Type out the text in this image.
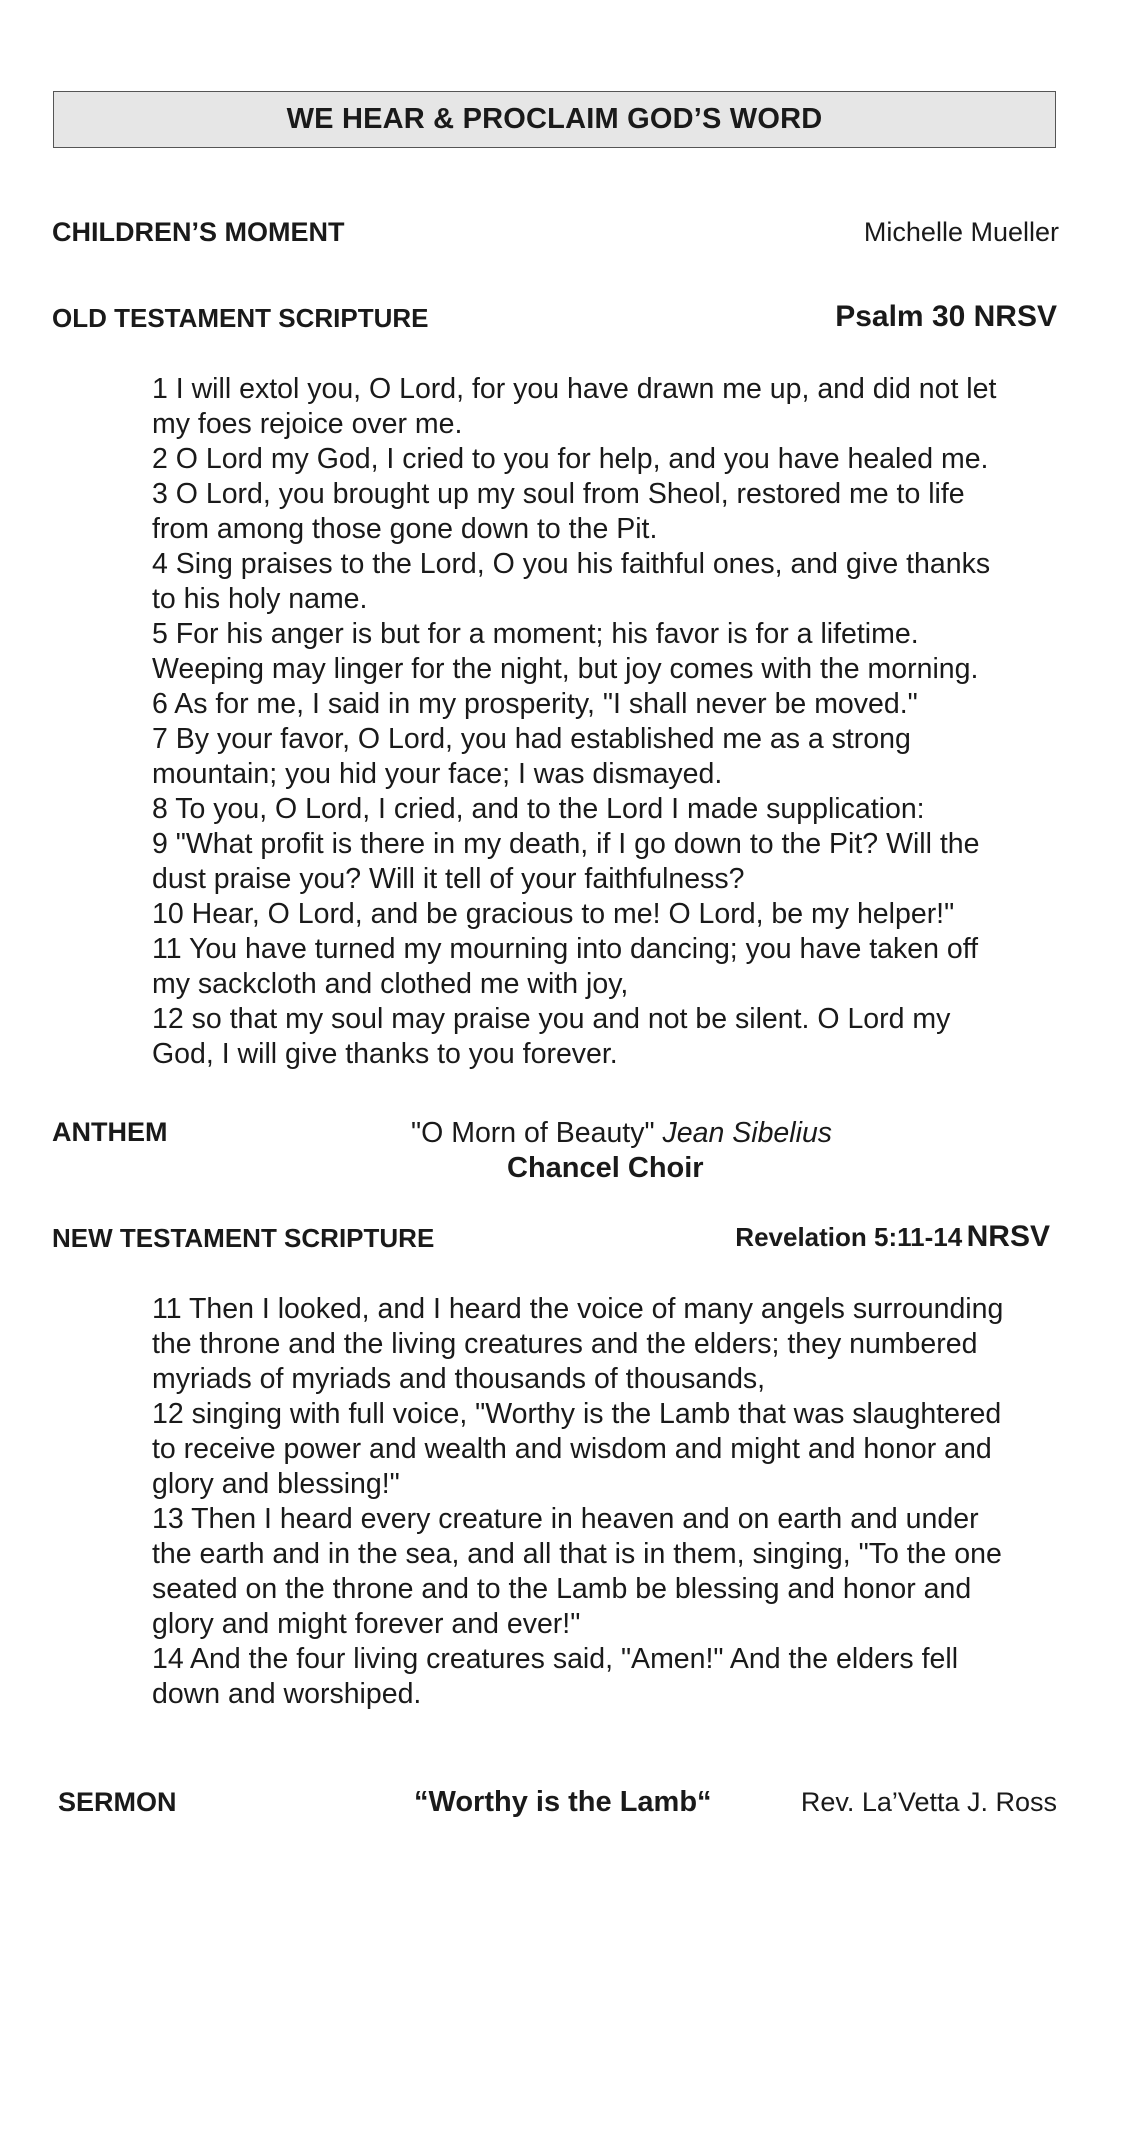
WE HEAR & PROCLAIM GOD’S WORD
CHILDREN’S MOMENT	Michelle Mueller
OLD TESTAMENT SCRIPTURE	Psalm 30 NRSV
1 I will extol you, O Lord, for you have drawn me up, and did not let
my foes rejoice over me.
2 O Lord my God, I cried to you for help, and you have healed me.
3 O Lord, you brought up my soul from Sheol, restored me to life
from among those gone down to the Pit.
4 Sing praises to the Lord, O you his faithful ones, and give thanks
to his holy name.
5 For his anger is but for a moment; his favor is for a lifetime.
Weeping may linger for the night, but joy comes with the morning.
6 As for me, I said in my prosperity, "I shall never be moved."
7 By your favor, O Lord, you had established me as a strong
mountain; you hid your face; I was dismayed.
8 To you, O Lord, I cried, and to the Lord I made supplication:
9 "What profit is there in my death, if I go down to the Pit? Will the
dust praise you? Will it tell of your faithfulness?
10 Hear, O Lord, and be gracious to me! O Lord, be my helper!"
11 You have turned my mourning into dancing; you have taken off
my sackcloth and clothed me with joy,
12 so that my soul may praise you and not be silent. O Lord my
God, I will give thanks to you forever.
ANTHEM	"O Morn of Beauty" Jean Sibelius
Chancel Choir
NEW TESTAMENT SCRIPTURE	Revelation 5:11-14 NRSV
11 Then I looked, and I heard the voice of many angels surrounding
the throne and the living creatures and the elders; they numbered
myriads of myriads and thousands of thousands,
12 singing with full voice, "Worthy is the Lamb that was slaughtered
to receive power and wealth and wisdom and might and honor and
glory and blessing!"
13 Then I heard every creature in heaven and on earth and under
the earth and in the sea, and all that is in them, singing, "To the one
seated on the throne and to the Lamb be blessing and honor and
glory and might forever and ever!"
14 And the four living creatures said, "Amen!" And the elders fell
down and worshiped.
SERMON	“Worthy is the Lamb“	Rev. La’Vetta J. Ross
